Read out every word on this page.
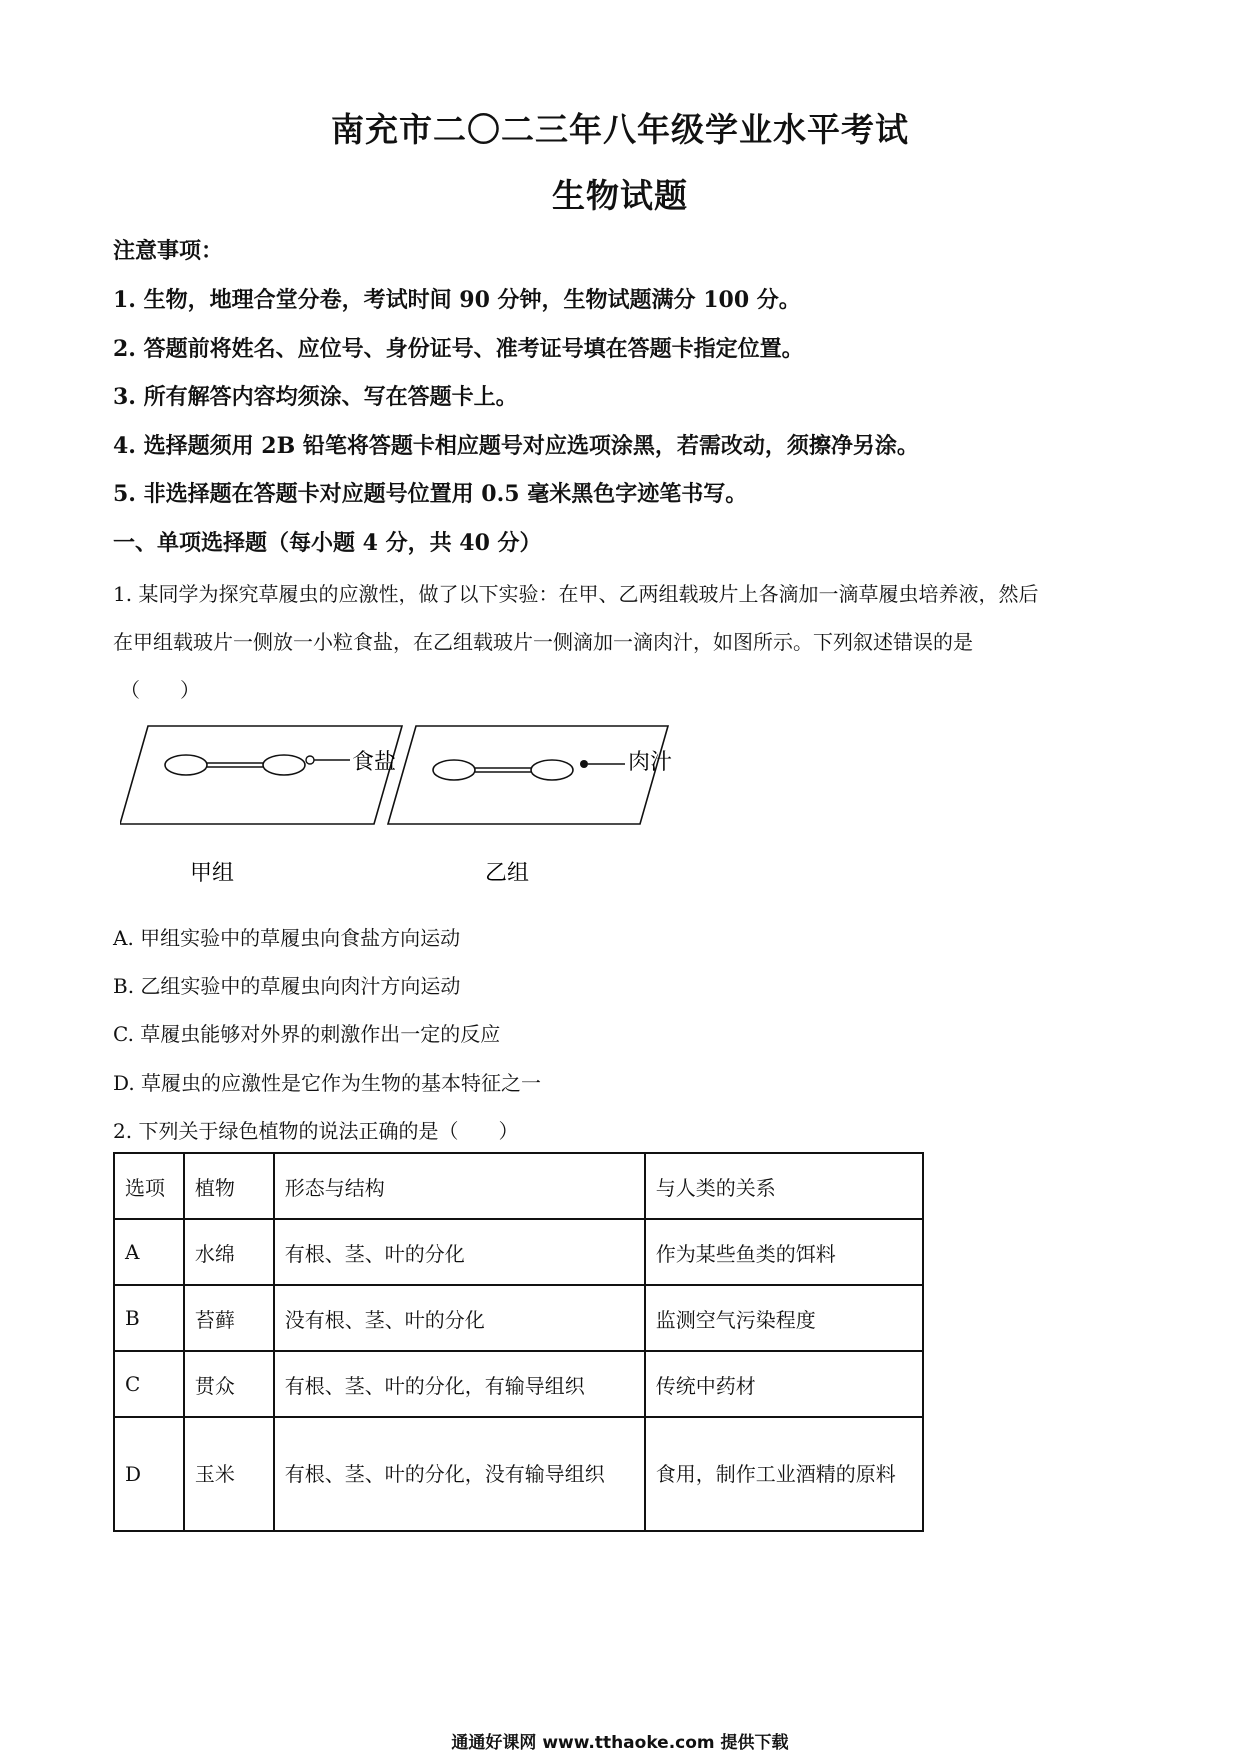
南充市二〇二三年八年级学业水平考试
生物试题
注意事项：
1. 生物，地理合堂分卷，考试时间 90 分钟，生物试题满分 100 分。
2. 答题前将姓名、应位号、身份证号、准考证号填在答题卡指定位置。
3. 所有解答内容均须涂、写在答题卡上。
4. 选择题须用 2B 铅笔将答题卡相应题号对应选项涂黑，若需改动，须擦净另涂。
5. 非选择题在答题卡对应题号位置用 0.5 毫米黑色字迹笔书写。
一、单项选择题（每小题 4 分，共 40 分）
1. 某同学为探究草履虫的应激性，做了以下实验：在甲、乙两组载玻片上各滴加一滴草履虫培养液，然后
在甲组载玻片一侧放一小粒食盐，在乙组载玻片一侧滴加一滴肉汁，如图所示。下列叙述错误的是
（　　）
食盐
甲组
肉汁
乙组
A. 甲组实验中的草履虫向食盐方向运动
B. 乙组实验中的草履虫向肉汁方向运动
C. 草履虫能够对外界的刺激作出一定的反应
D. 草履虫的应激性是它作为生物的基本特征之一
2. 下列关于绿色植物的说法正确的是（　　）
选项	植物	形态与结构	与人类的关系
A	水绵	有根、茎、叶的分化	作为某些鱼类的饵料
B	苔藓	没有根、茎、叶的分化	监测空气污染程度
C	贯众	有根、茎、叶的分化，有输导组织	传统中药材
D	玉米	有根、茎、叶的分化，没有输导组织	食用，制作工业酒精的原料
通通好课网 www.tthaoke.com 提供下载
